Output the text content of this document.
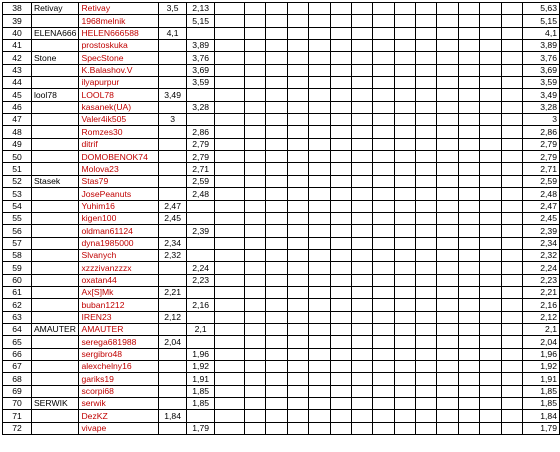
38	Retivay	Retivay	3,5	2,13															5,63
39		1968melnik		5,15															5,15
40	ELENA666	HELEN666588	4,1																4,1
41		prostoskuka		3,89															3,89
42	Stone	SpecStone		3,76															3,76
43		K.Balashov.V		3,69															3,69
44		ilyapurpur		3,59															3,59
45	lool78	LOOL78	3,49																3,49
46		kasanek(UA)		3,28															3,28
47		Valer4ik505	3																3
48		Romzes30		2,86															2,86
49		ditrif		2,79															2,79
50		DOMOBENOK74		2,79															2,79
51		Molova23		2,71															2,71
52	Stasek	Stas79		2,59															2,59
53		JosePeanuts		2,48															2,48
54		Yuhim16	2,47																2,47
55		kigen100	2,45																2,45
56		oldman61124		2,39															2,39
57		dyna1985000	2,34																2,34
58		Slvanych	2,32																2,32
59		xzzzivanzzzx		2,24															2,24
60		oxatan44		2,23															2,23
61		Ax[S]Mk	2,21																2,21
62		buban1212		2,16															2,16
63		IREN23	2,12																2,12
64	AMAUTER	AMAUTER		2,1															2,1
65		serega681988	2,04																2,04
66		sergibro48		1,96															1,96
67		alexchelny16		1,92															1,92
68		gariks19		1,91															1,91
69		scorpi68		1,85															1,85
70	SERWIK	serwik		1,85															1,85
71		DezKZ	1,84																1,84
72		vivape		1,79															1,79
